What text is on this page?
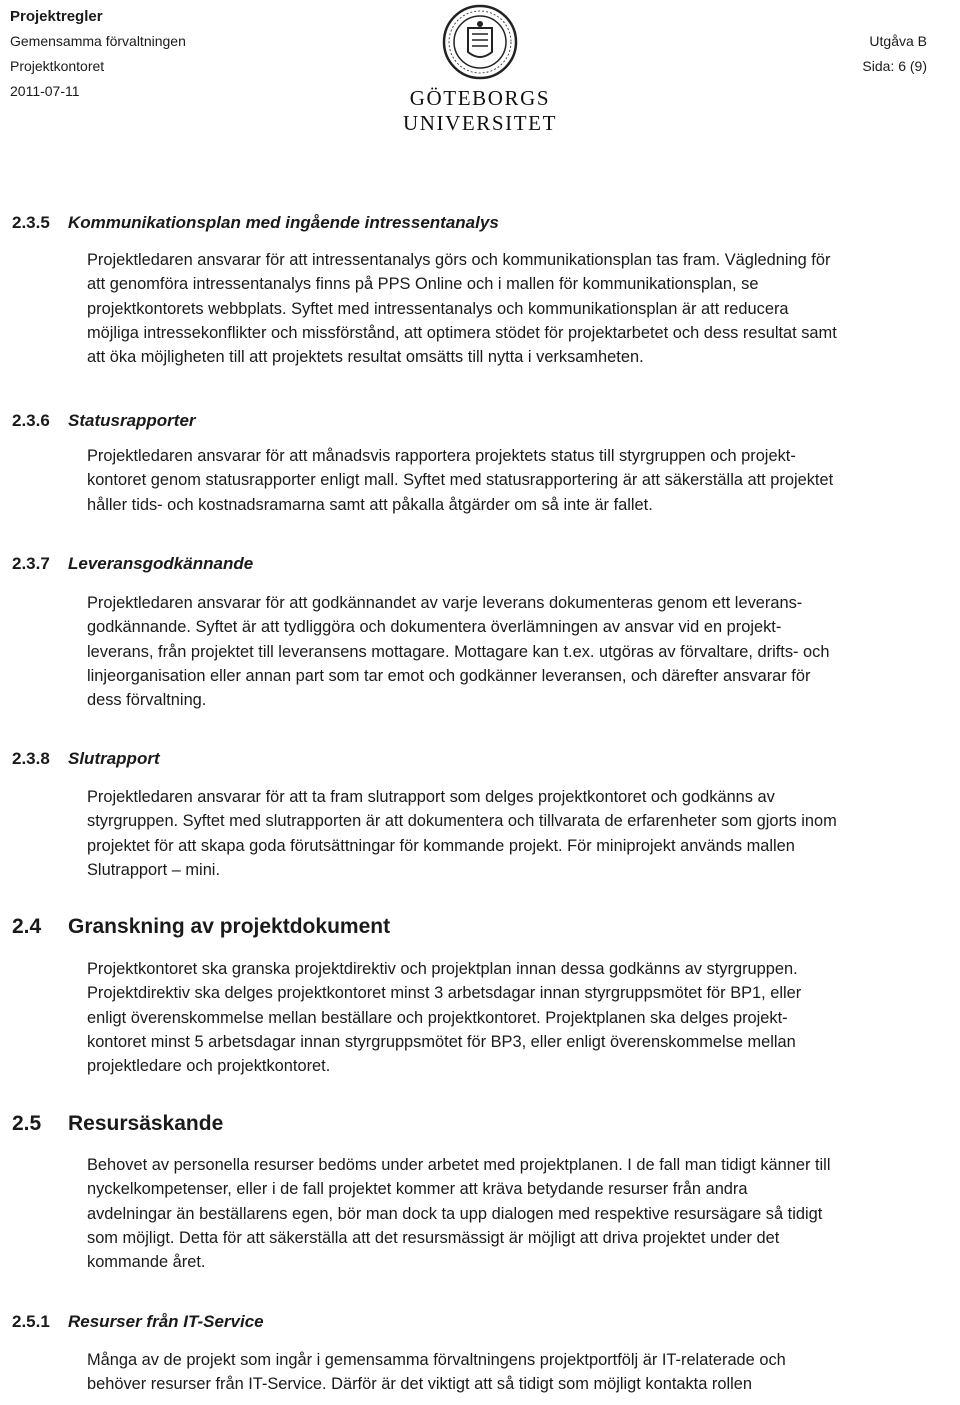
Projektregler
Gemensamma förvaltningen
Projektkontoret
2011-07-11	GÖTEBORGS UNIVERSITET
Utgåva B
Sida: 6 (9)
2.3.5 Kommunikationsplan med ingående intressentanalys
Projektledaren ansvarar för att intressentanalys görs och kommunikationsplan tas fram. Vägledning för
att genomföra intressentanalys finns på PPS Online och i mallen för kommunikationsplan, se
projektkontorets webbplats. Syftet med intressentanalys och kommunikationsplan är att reducera
möjliga intressekonflikter och missförstånd, att optimera stödet för projektarbetet och dess resultat samt
att öka möjligheten till att projektets resultat omsätts till nytta i verksamheten.
2.3.6 Statusrapporter
Projektledaren ansvarar för att månadsvis rapportera projektets status till styrgruppen och projekt-
kontoret genom statusrapporter enligt mall. Syftet med statusrapportering är att säkerställa att projektet
håller tids- och kostnadsramarna samt att påkalla åtgärder om så inte är fallet.
2.3.7 Leveransgodkännande
Projektledaren ansvarar för att godkännandet av varje leverans dokumenteras genom ett leverans-
godkännande. Syftet är att tydliggöra och dokumentera överlämningen av ansvar vid en projekt-
leverans, från projektet till leveransens mottagare. Mottagare kan t.ex. utgöras av förvaltare, drifts- och
linjeorganisation eller annan part som tar emot och godkänner leveransen, och därefter ansvarar för
dess förvaltning.
2.3.8 Slutrapport
Projektledaren ansvarar för att ta fram slutrapport som delges projektkontoret och godkänns av
styrgruppen. Syftet med slutrapporten är att dokumentera och tillvarata de erfarenheter som gjorts inom
projektet för att skapa goda förutsättningar för kommande projekt. För miniprojekt används mallen
Slutrapport – mini.
2.4 Granskning av projektdokument
Projektkontoret ska granska projektdirektiv och projektplan innan dessa godkänns av styrgruppen.
Projektdirektiv ska delges projektkontoret minst 3 arbetsdagar innan styrgruppsmötet för BP1, eller
enligt överenskommelse mellan beställare och projektkontoret. Projektplanen ska delges projekt-
kontoret minst 5 arbetsdagar innan styrgruppsmötet för BP3, eller enligt överenskommelse mellan
projektledare och projektkontoret.
2.5 Resursäskande
Behovet av personella resurser bedöms under arbetet med projektplanen. I de fall man tidigt känner till
nyckelkompetenser, eller i de fall projektet kommer att kräva betydande resurser från andra
avdelningar än beställarens egen, bör man dock ta upp dialogen med respektive resursägare så tidigt
som möjligt. Detta för att säkerställa att det resursmässigt är möjligt att driva projektet under det
kommande året.
2.5.1 Resurser från IT-Service
Många av de projekt som ingår i gemensamma förvaltningens projektportfölj är IT-relaterade och
behöver resurser från IT-Service. Därför är det viktigt att så tidigt som möjligt kontakta rollen
